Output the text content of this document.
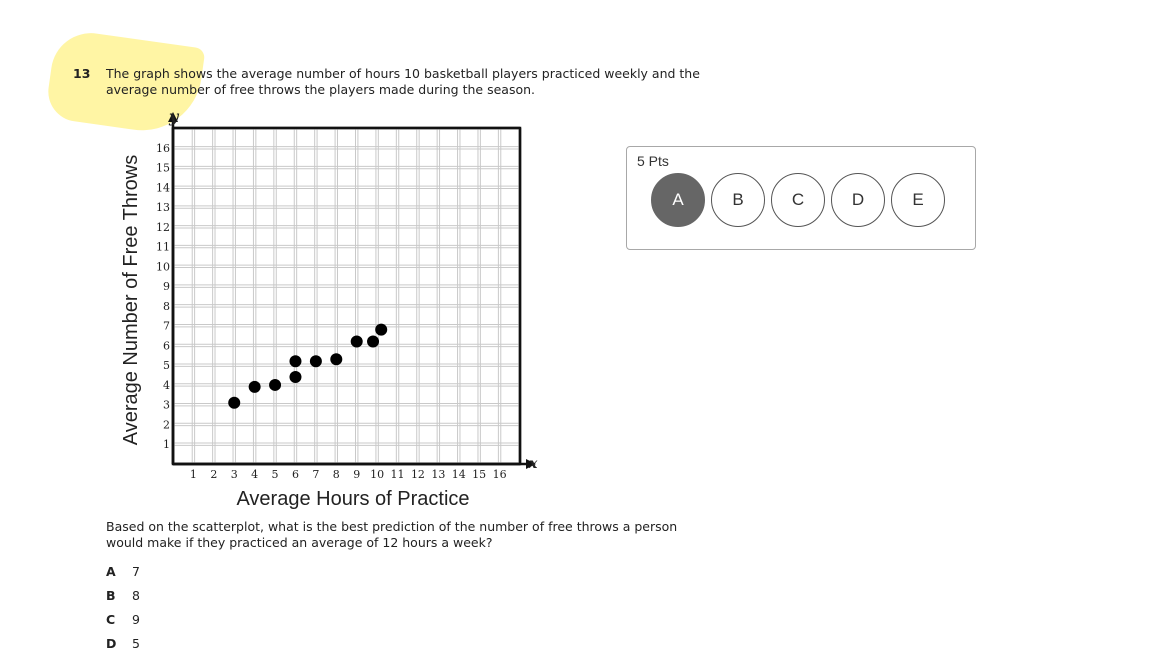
13 The graph shows the average number of hours 10 basketball players practiced weekly and the
average number of free throws the players made during the season.
1 2 3 4 5 6 7 8 9 10 11 12 13 14 15 16
1
2
3
4
5
6
7
8
9
10
11
12
13
14
15
16
Average Hours of Practice
Average Number of Free Throws
x
y
Based on the scatterplot, what is the best prediction of the number of free throws a person
would make if they practiced an average of 12 hours a week?
A	7
B	8
C	9
D	5
5 Pts
A	B	C	D	E
